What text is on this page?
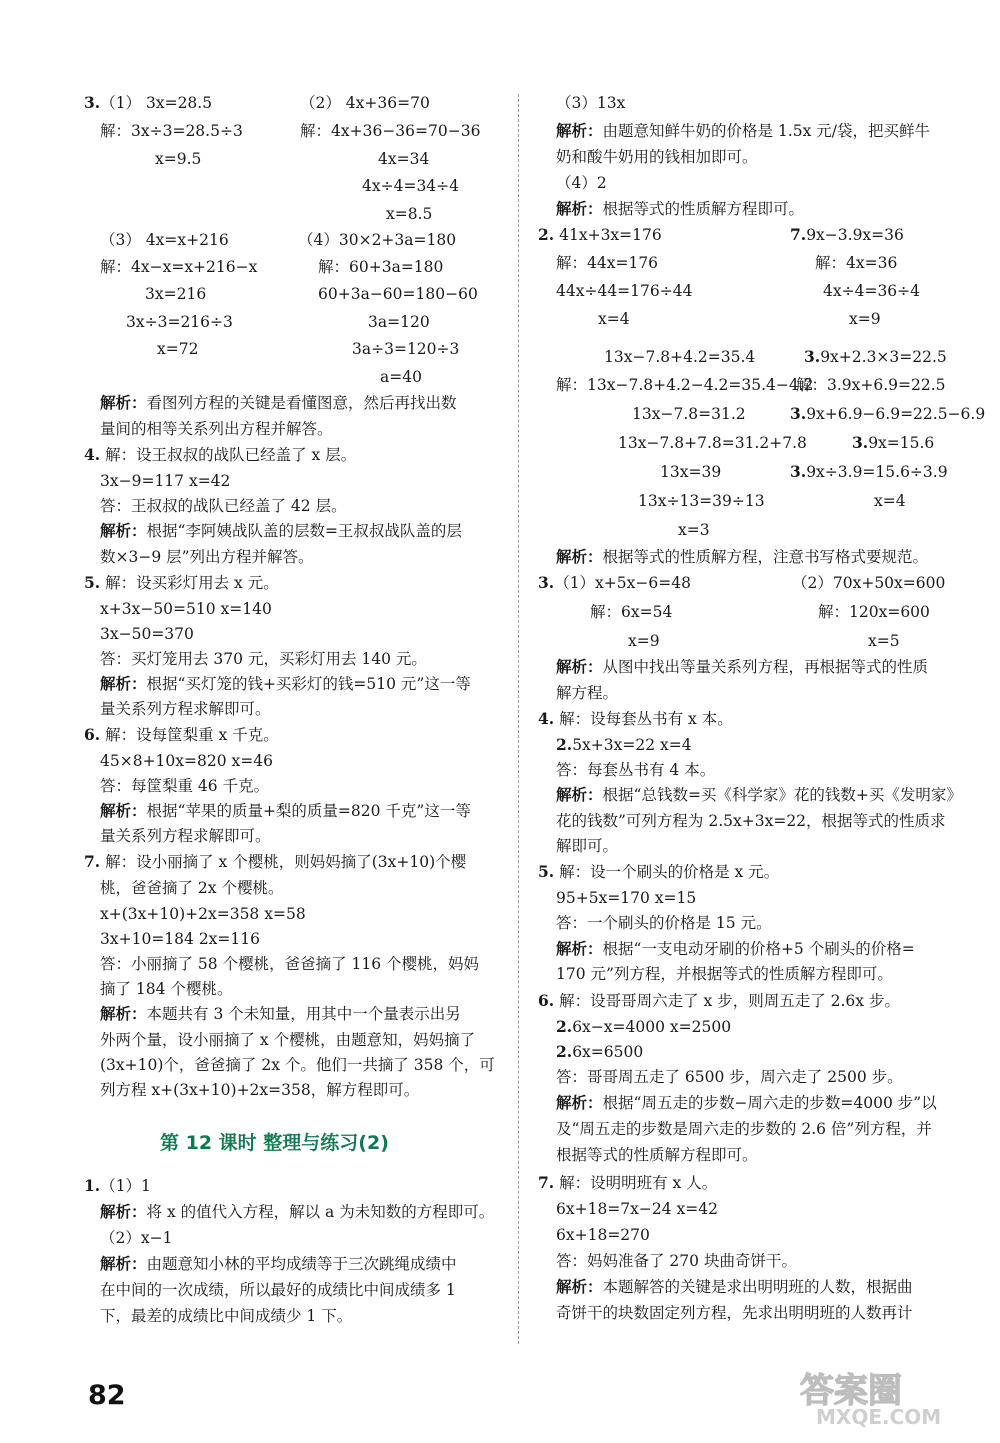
3.（1） 3x=28.5	（2） 4x+36=70
解：3x÷3=28.5÷3	解：4x+36−36=70−36
x=9.5	4x=34
4x÷4=34÷4
x=8.5
（3） 4x=x+216	（4）30×2+3a=180
解：4x−x=x+216−x	解：60+3a=180
3x=216	60+3a−60=180−60
3x÷3=216÷3	3a=120
x=72	3a÷3=120÷3
a=40
解析：看图列方程的关键是看懂图意，然后再找出数
量间的相等关系列出方程并解答。
4. 解：设王叔叔的战队已经盖了 x 层。
3x−9=117 x=42
答：王叔叔的战队已经盖了 42 层。
解析：根据“李阿姨战队盖的层数=王叔叔战队盖的层
数×3−9 层”列出方程并解答。
5. 解：设买彩灯用去 x 元。
x+3x−50=510 x=140
3x−50=370
答：买灯笼用去 370 元，买彩灯用去 140 元。
解析：根据“买灯笼的钱+买彩灯的钱=510 元”这一等
量关系列方程求解即可。
6. 解：设每筐梨重 x 千克。
45×8+10x=820 x=46
答：每筐梨重 46 千克。
解析：根据“苹果的质量+梨的质量=820 千克”这一等
量关系列方程求解即可。
7. 解：设小丽摘了 x 个樱桃，则妈妈摘了(3x+10)个樱
桃，爸爸摘了 2x 个樱桃。
x+(3x+10)+2x=358 x=58
3x+10=184 2x=116
答：小丽摘了 58 个樱桃，爸爸摘了 116 个樱桃，妈妈
摘了 184 个樱桃。
解析：本题共有 3 个未知量，用其中一个量表示出另
外两个量，设小丽摘了 x 个樱桃，由题意知，妈妈摘了
(3x+10)个，爸爸摘了 2x 个。他们一共摘了 358 个，可
列方程 x+(3x+10)+2x=358，解方程即可。
第 12 课时 整理与练习(2)
1.（1）1
解析：将 x 的值代入方程，解以 a 为未知数的方程即可。
（2）x−1
解析：由题意知小林的平均成绩等于三次跳绳成绩中
在中间的一次成绩，所以最好的成绩比中间成绩多 1
下，最差的成绩比中间成绩少 1 下。
（3）13x
解析：由题意知鲜牛奶的价格是 1.5x 元/袋，把买鲜牛
奶和酸牛奶用的钱相加即可。
（4）2
解析：根据等式的性质解方程即可。
2. 41x+3x=176	7.9x−3.9x=36
解：44x=176	解：4x=36
44x÷44=176÷44	4x÷4=36÷4
x=4	x=9
13x−7.8+4.2=35.4	3.9x+2.3×3=22.5
解：13x−7.8+4.2−4.2=35.4−4.2
解：3.9x+6.9=22.5
13x−7.8=31.2	3.9x+6.9−6.9=22.5−6.9
13x−7.8+7.8=31.2+7.8	3.9x=15.6
13x=39	3.9x÷3.9=15.6÷3.9
13x÷13=39÷13	x=4
x=3
解析：根据等式的性质解方程，注意书写格式要规范。
3.（1）x+5x−6=48	（2）70x+50x=600
解：6x=54	解：120x=600
x=9	x=5
解析：从图中找出等量关系列方程，再根据等式的性质
解方程。
4. 解：设每套丛书有 x 本。
2.5x+3x=22 x=4
答：每套丛书有 4 本。
解析：根据“总钱数=买《科学家》花的钱数+买《发明家》
花的钱数”可列方程为 2.5x+3x=22，根据等式的性质求
解即可。
5. 解：设一个刷头的价格是 x 元。
95+5x=170 x=15
答：一个刷头的价格是 15 元。
解析：根据“一支电动牙刷的价格+5 个刷头的价格=
170 元”列方程，并根据等式的性质解方程即可。
6. 解：设哥哥周六走了 x 步，则周五走了 2.6x 步。
2.6x−x=4000 x=2500
2.6x=6500
答：哥哥周五走了 6500 步，周六走了 2500 步。
解析：根据“周五走的步数−周六走的步数=4000 步”以
及“周五走的步数是周六走的步数的 2.6 倍”列方程，并
根据等式的性质解方程即可。
7. 解：设明明班有 x 人。
6x+18=7x−24 x=42
6x+18=270
答：妈妈准备了 270 块曲奇饼干。
解析：本题解答的关键是求出明明班的人数，根据曲
奇饼干的块数固定列方程，先求出明明班的人数再计
82	答案圈
MXQE.COM
